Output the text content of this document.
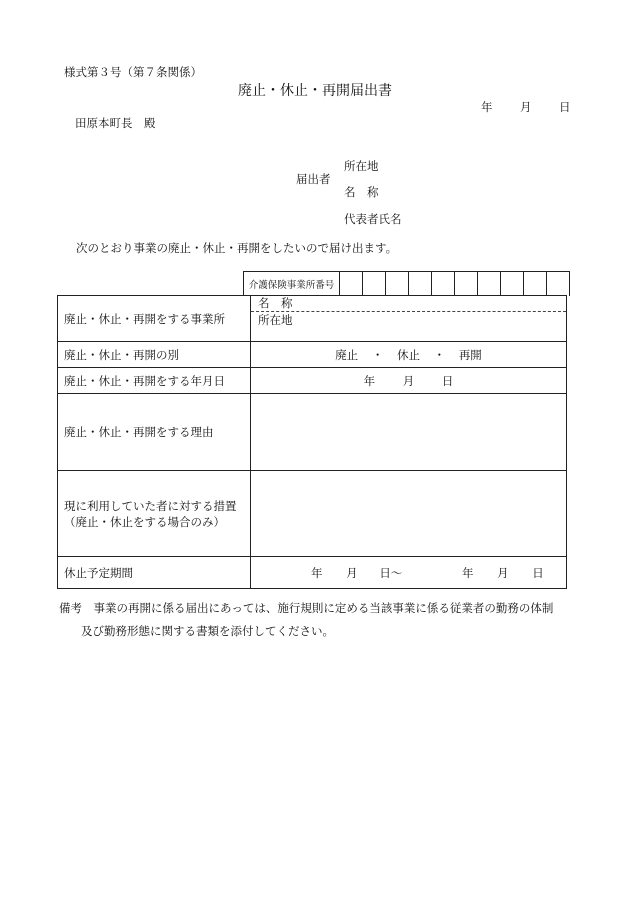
様式第３号（第７条関係）
廃止・休止・再開届出書
年 月 日
田原本町長　殿
届出者
所在地
名　称
代表者氏名
次のとおり事業の廃止・休止・再開をしたいので届け出ます。
介護保険事業所番号
廃止・休止・再開をする事業所	名　称
所在地

廃止・休止・再開の別	廃止 ・ 休止 ・ 再開
廃止・休止・再開をする年月日	年 月 日
廃止・休止・再開をする理由	

現に利用していた者に対する措置
（廃止・休止をする場合のみ）	

休止予定期間	年 月 日〜 年 月 日
備考　事業の再開に係る届出にあっては、施行規則に定める当該事業に係る従業者の勤務の体制
及び勤務形態に関する書類を添付してください。
